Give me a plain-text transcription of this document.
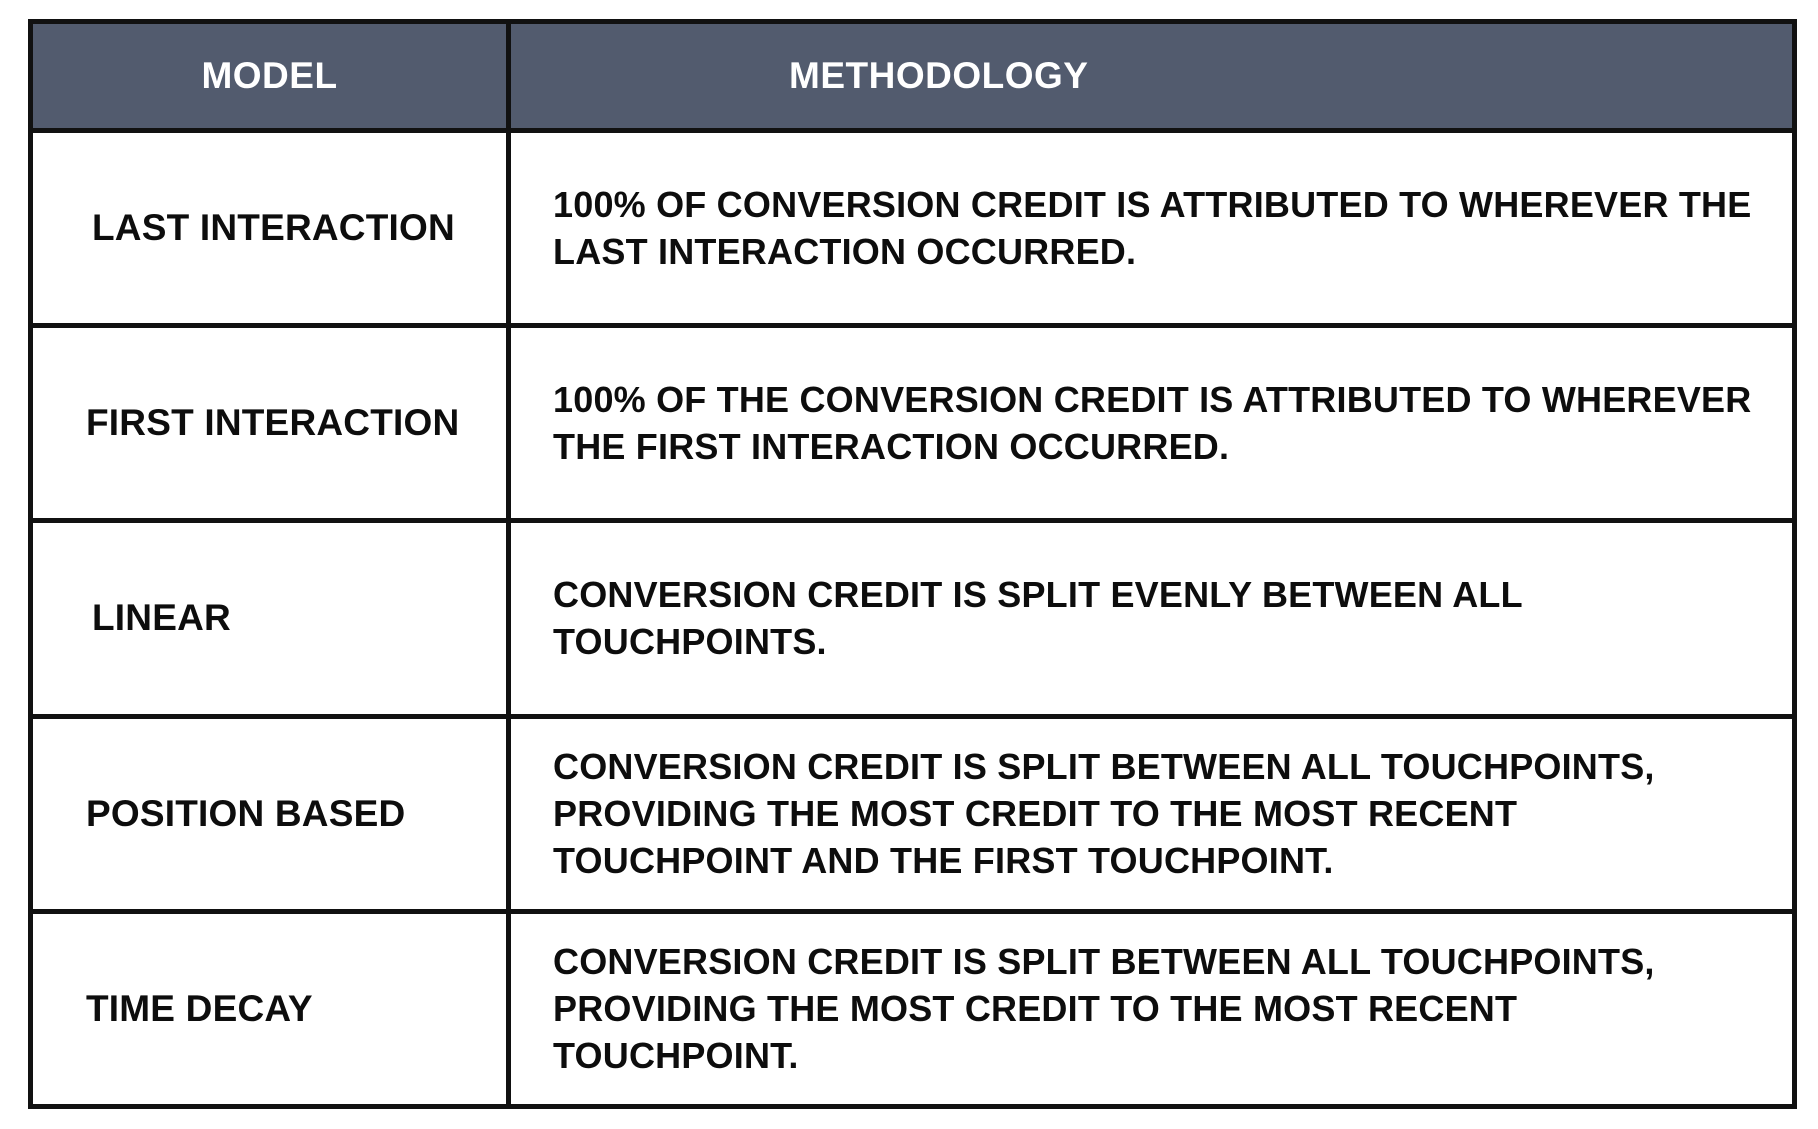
MODEL	METHODOLOGY
LAST INTERACTION
100% OF CONVERSION CREDIT IS ATTRIBUTED TO WHEREVER THE LAST INTERACTION OCCURRED.
FIRST INTERACTION
100% OF THE CONVERSION CREDIT IS ATTRIBUTED TO WHEREVER THE FIRST INTERACTION OCCURRED.
LINEAR
CONVERSION CREDIT IS SPLIT EVENLY BETWEEN ALL TOUCHPOINTS.
POSITION BASED
CONVERSION CREDIT IS SPLIT BETWEEN ALL TOUCHPOINTS, PROVIDING THE MOST CREDIT TO THE MOST RECENT TOUCHPOINT AND THE FIRST TOUCHPOINT.
TIME DECAY
CONVERSION CREDIT IS SPLIT BETWEEN ALL TOUCHPOINTS, PROVIDING THE MOST CREDIT TO THE MOST RECENT TOUCHPOINT.
